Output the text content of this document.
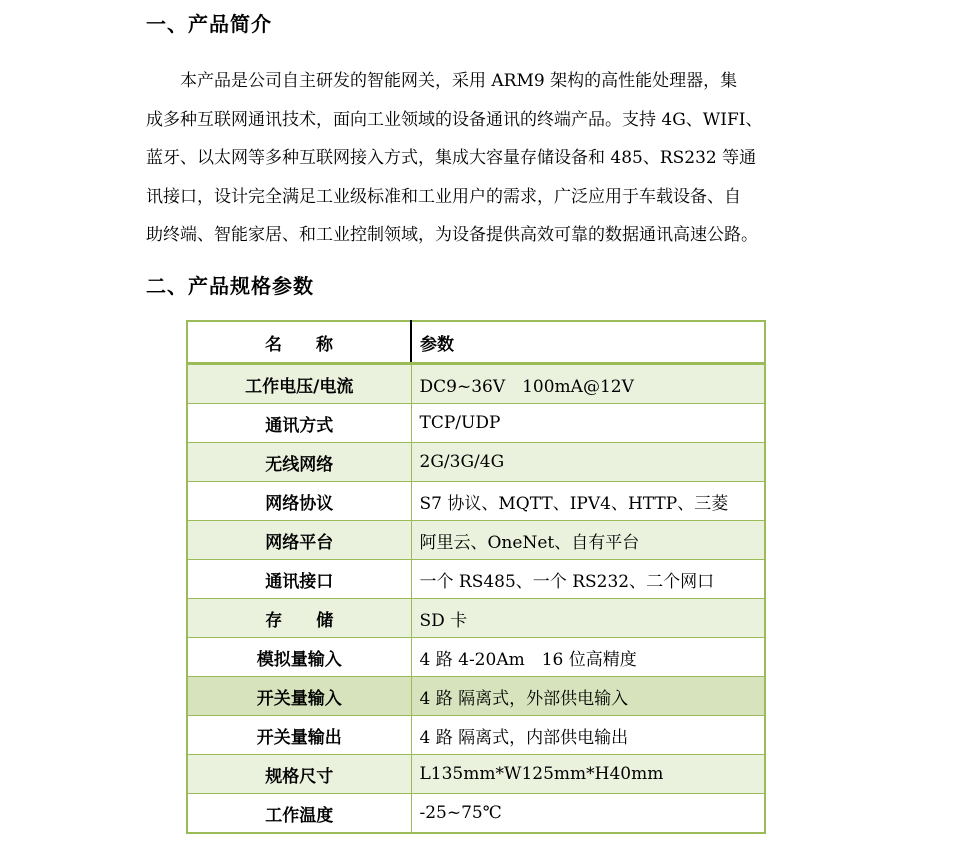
一、产品简介
本产品是公司自主研发的智能网关，采用 ARM9 架构的高性能处理器，集
成多种互联网通讯技术，面向工业领域的设备通讯的终端产品。支持 4G、WIFI、
蓝牙、以太网等多种互联网接入方式，集成大容量存储设备和 485、RS232 等通
讯接口，设计完全满足工业级标准和工业用户的需求，广泛应用于车载设备、自
助终端、智能家居、和工业控制领域，为设备提供高效可靠的数据通讯高速公路。
二、产品规格参数
名　　称	参数
工作电压/电流	DC9~36V　100mA@12V
通讯方式	TCP/UDP
无线网络	2G/3G/4G
网络协议	S7 协议、MQTT、IPV4、HTTP、三菱
网络平台	阿里云、OneNet、自有平台
通讯接口	一个 RS485、一个 RS232、二个网口
存　　储	SD 卡
模拟量输入	4 路 4-20Am　16 位高精度
开关量输入	4 路 隔离式，外部供电输入
开关量输出	4 路 隔离式，内部供电输出
规格尺寸	L135mm*W125mm*H40mm
工作温度	-25~75℃
